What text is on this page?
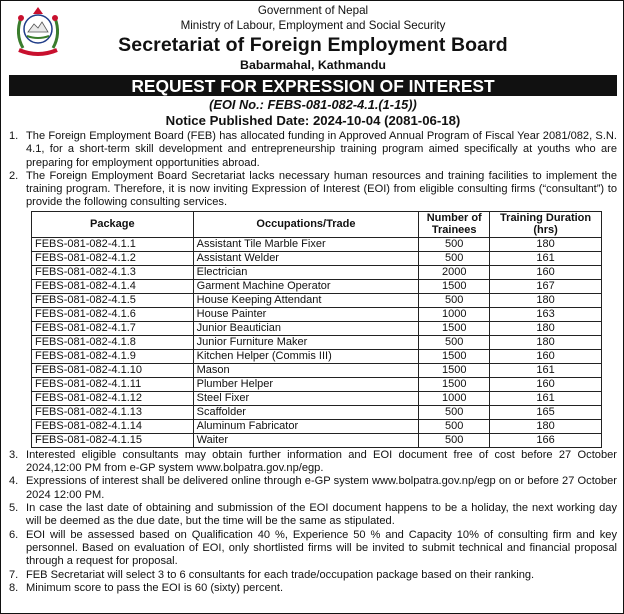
Government of Nepal
Ministry of Labour, Employment and Social Security
Secretariat of Foreign Employment Board
Babarmahal, Kathmandu
REQUEST FOR EXPRESSION OF INTEREST
(EOI No.: FEBS-081-082-4.1.(1-15))
Notice Published Date: 2024-10-04 (2081-06-18)
1. The Foreign Employment Board (FEB) has allocated funding in Approved Annual Program of Fiscal Year 2081/082, S.N. 4.1, for a short-term skill development and entrepreneurship training program aimed specifically at youths who are preparing for employment opportunities abroad.
2. The Foreign Employment Board Secretariat lacks necessary human resources and training facilities to implement the training program. Therefore, it is now inviting Expression of Interest (EOI) from eligible consulting firms (“consultant”) to provide the following consulting services.
Package	Occupations/Trade	Number of Trainees	Training Duration (hrs)
FEBS-081-082-4.1.1	Assistant Tile Marble Fixer	500	180
FEBS-081-082-4.1.2	Assistant Welder	500	161
FEBS-081-082-4.1.3	Electrician	2000	160
FEBS-081-082-4.1.4	Garment Machine Operator	1500	167
FEBS-081-082-4.1.5	House Keeping Attendant	500	180
FEBS-081-082-4.1.6	House Painter	1000	163
FEBS-081-082-4.1.7	Junior Beautician	1500	180
FEBS-081-082-4.1.8	Junior Furniture Maker	500	180
FEBS-081-082-4.1.9	Kitchen Helper (Commis III)	1500	160
FEBS-081-082-4.1.10	Mason	1500	161
FEBS-081-082-4.1.11	Plumber Helper	1500	160
FEBS-081-082-4.1.12	Steel Fixer	1000	161
FEBS-081-082-4.1.13	Scaffolder	500	165
FEBS-081-082-4.1.14	Aluminum Fabricator	500	180
FEBS-081-082-4.1.15	Waiter	500	166
3. Interested eligible consultants may obtain further information and EOI document free of cost before 27 October 2024,12:00 PM from e-GP system www.bolpatra.gov.np/egp.
4. Expressions of interest shall be delivered online through e-GP system www.bolpatra.gov.np/egp on or before 27 October 2024 12:00 PM.
5. In case the last date of obtaining and submission of the EOI document happens to be a holiday, the next working day will be deemed as the due date, but the time will be the same as stipulated.
6. EOI will be assessed based on Qualification 40 %, Experience 50 % and Capacity 10% of consulting firm and key personnel. Based on evaluation of EOI, only shortlisted firms will be invited to submit technical and financial proposal through a request for proposal.
7. FEB Secretariat will select 3 to 6 consultants for each trade/occupation package based on their ranking.
8. Minimum score to pass the EOI is 60 (sixty) percent.
